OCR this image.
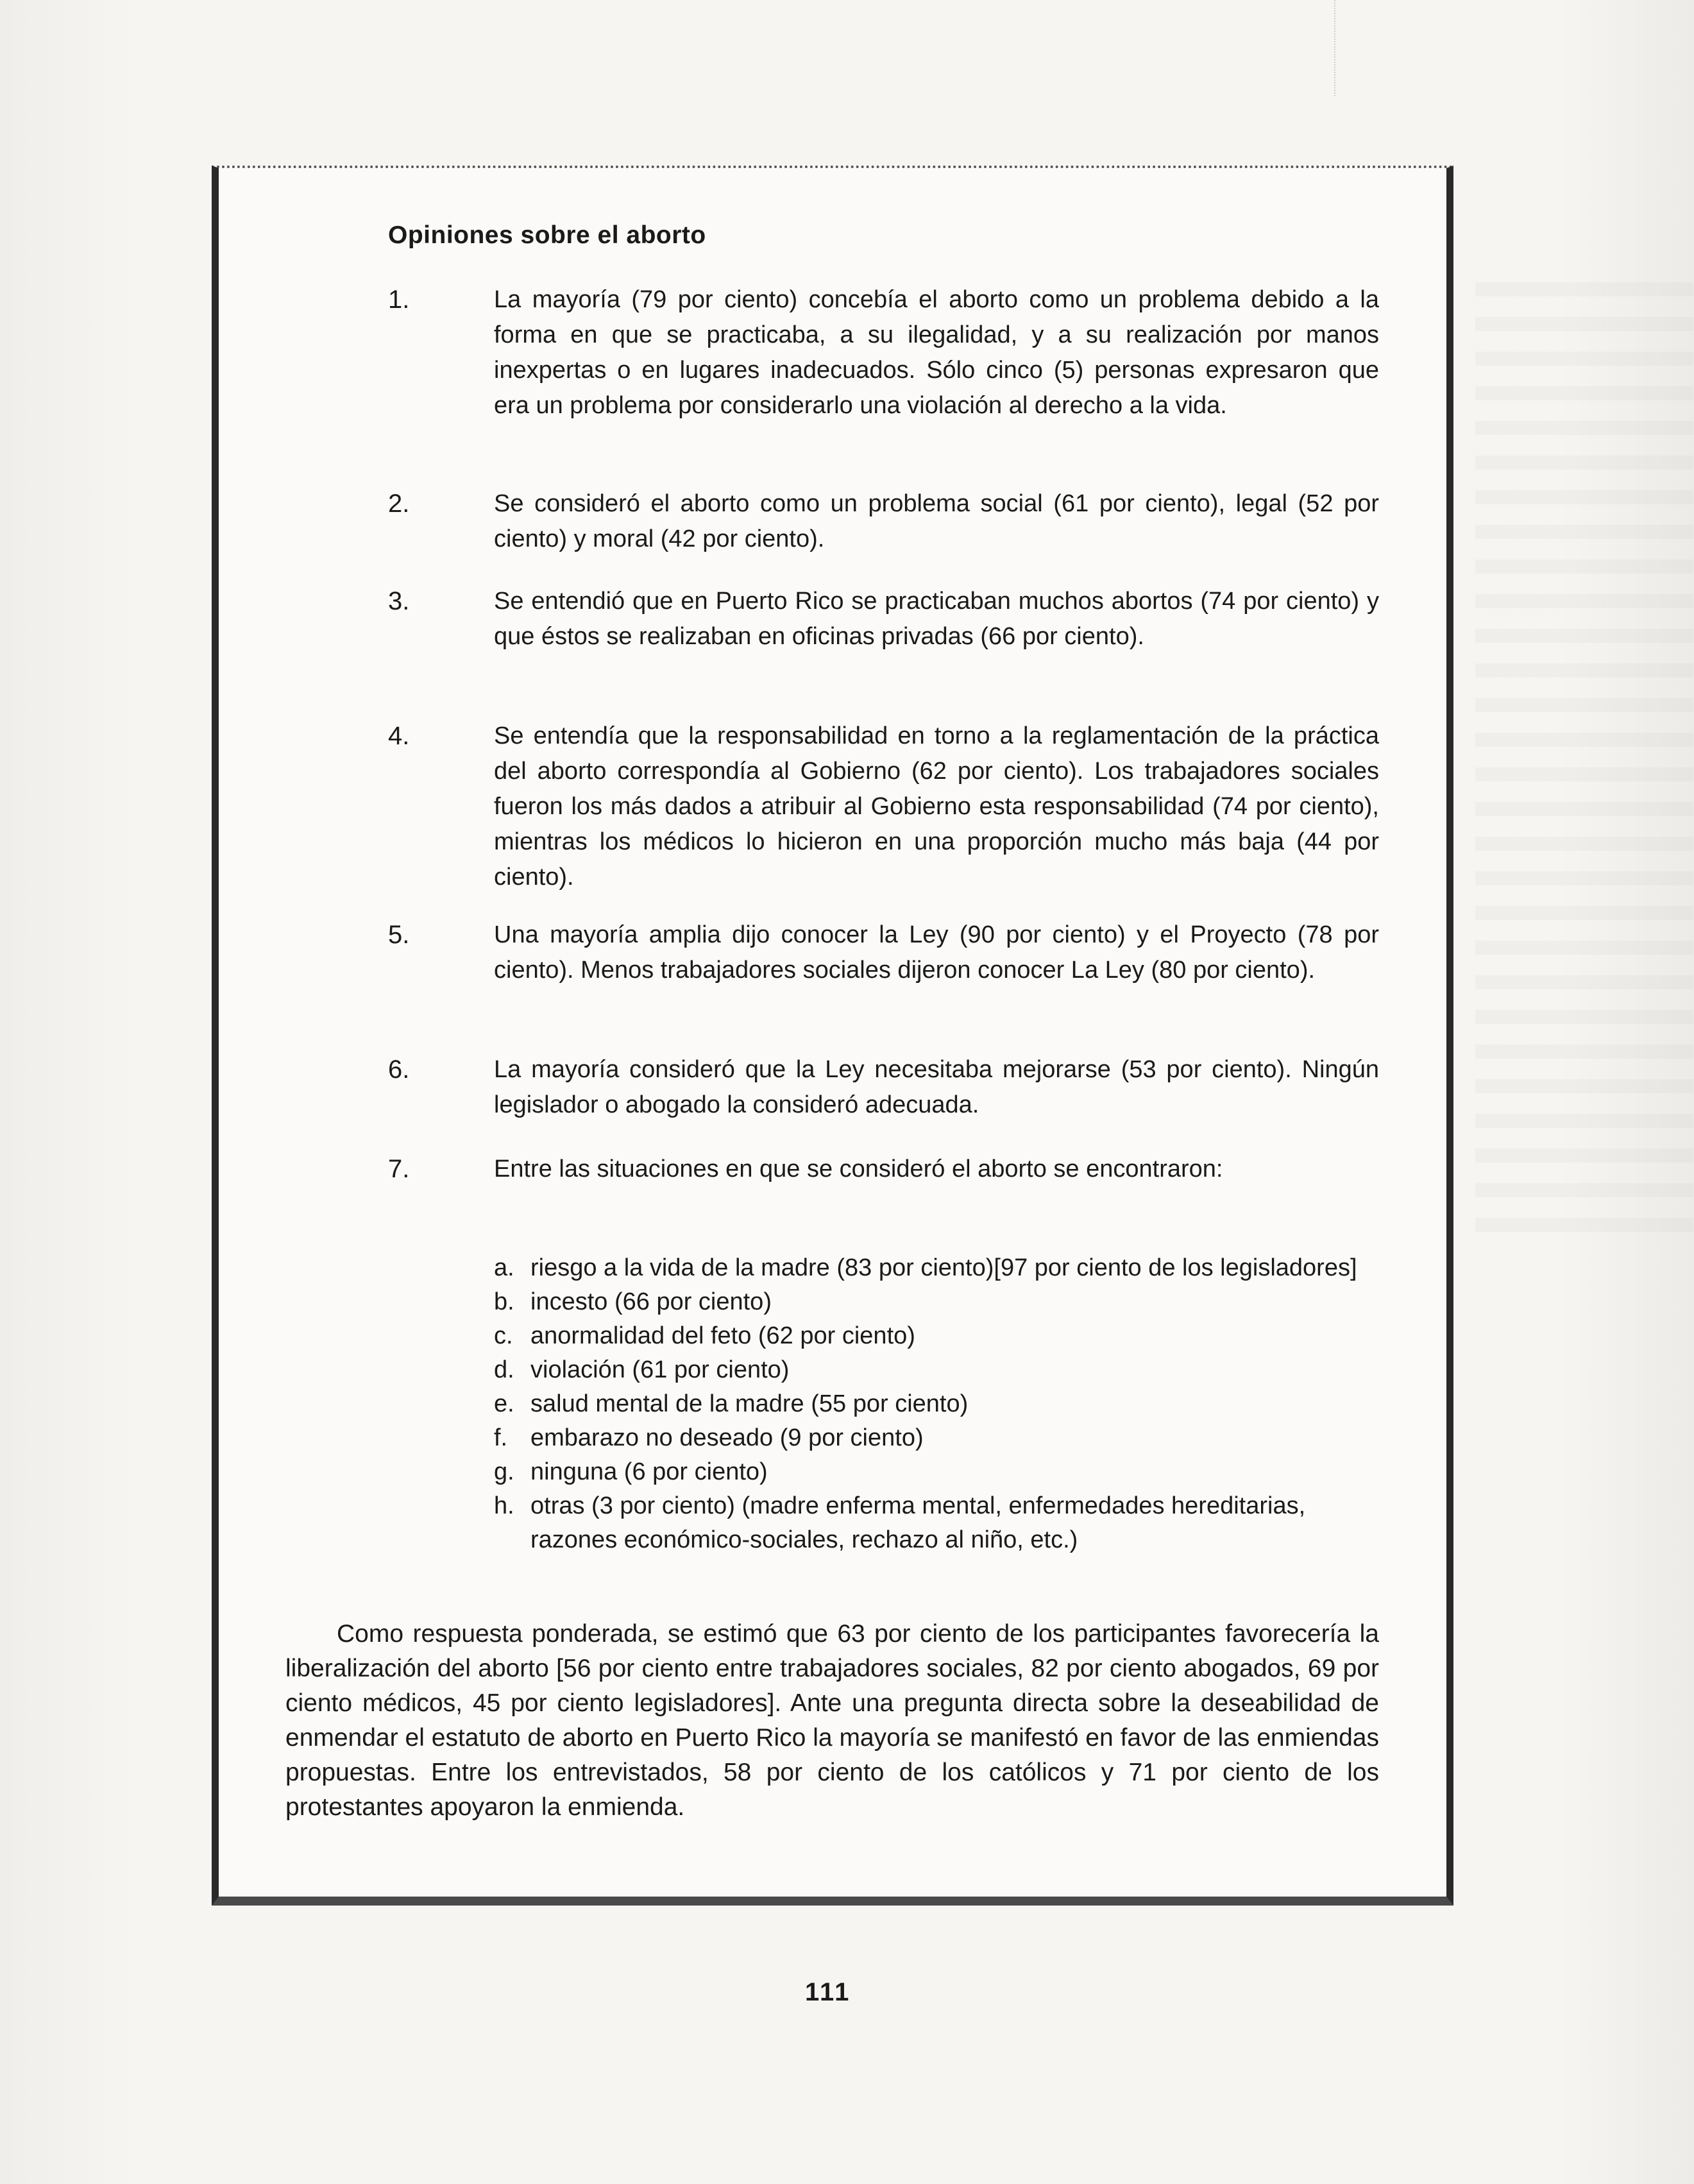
Opiniones sobre el aborto
1.	La mayoría (79 por ciento) concebía el aborto como un problema debido a la forma en que se practicaba, a su ilegalidad, y a su realización por manos inexpertas o en lugares inadecuados. Sólo cinco (5) personas expresaron que era un problema por considerarlo una violación al derecho a la vida.
2.	Se consideró el aborto como un problema social (61 por ciento), legal (52 por ciento) y moral (42 por ciento).
3.	Se entendió que en Puerto Rico se practicaban muchos abortos (74 por ciento) y que éstos se realizaban en oficinas privadas (66 por ciento).
4.	Se entendía que la responsabilidad en torno a la reglamentación de la práctica del aborto correspondía al Gobierno (62 por ciento). Los trabajadores sociales fueron los más dados a atribuir al Gobierno esta responsabilidad (74 por ciento), mientras los médicos lo hicieron en una proporción mucho más baja (44 por ciento).
5.	Una mayoría amplia dijo conocer la Ley (90 por ciento) y el Proyecto (78 por ciento). Menos trabajadores sociales dijeron conocer La Ley (80 por ciento).
6.	La mayoría consideró que la Ley necesitaba mejorarse (53 por ciento). Ningún legislador o abogado la consideró adecuada.
7.	Entre las situaciones en que se consideró el aborto se encontraron:
a. riesgo a la vida de la madre (83 por ciento)[97 por ciento de los legisladores]
b. incesto (66 por ciento)
c. anormalidad del feto (62 por ciento)
d. violación (61 por ciento)
e. salud mental de la madre (55 por ciento)
f. embarazo no deseado (9 por ciento)
g. ninguna (6 por ciento)
h. otras (3 por ciento) (madre enferma mental, enfermedades hereditarias, razones económico-sociales, rechazo al niño, etc.)
Como respuesta ponderada, se estimó que 63 por ciento de los participantes favorecería la liberalización del aborto [56 por ciento entre trabajadores sociales, 82 por ciento abogados, 69 por ciento médicos, 45 por ciento legisladores]. Ante una pregunta directa sobre la deseabilidad de enmendar el estatuto de aborto en Puerto Rico la mayoría se manifestó en favor de las enmiendas propuestas. Entre los entrevistados, 58 por ciento de los católicos y 71 por ciento de los protestantes apoyaron la enmienda.
111
